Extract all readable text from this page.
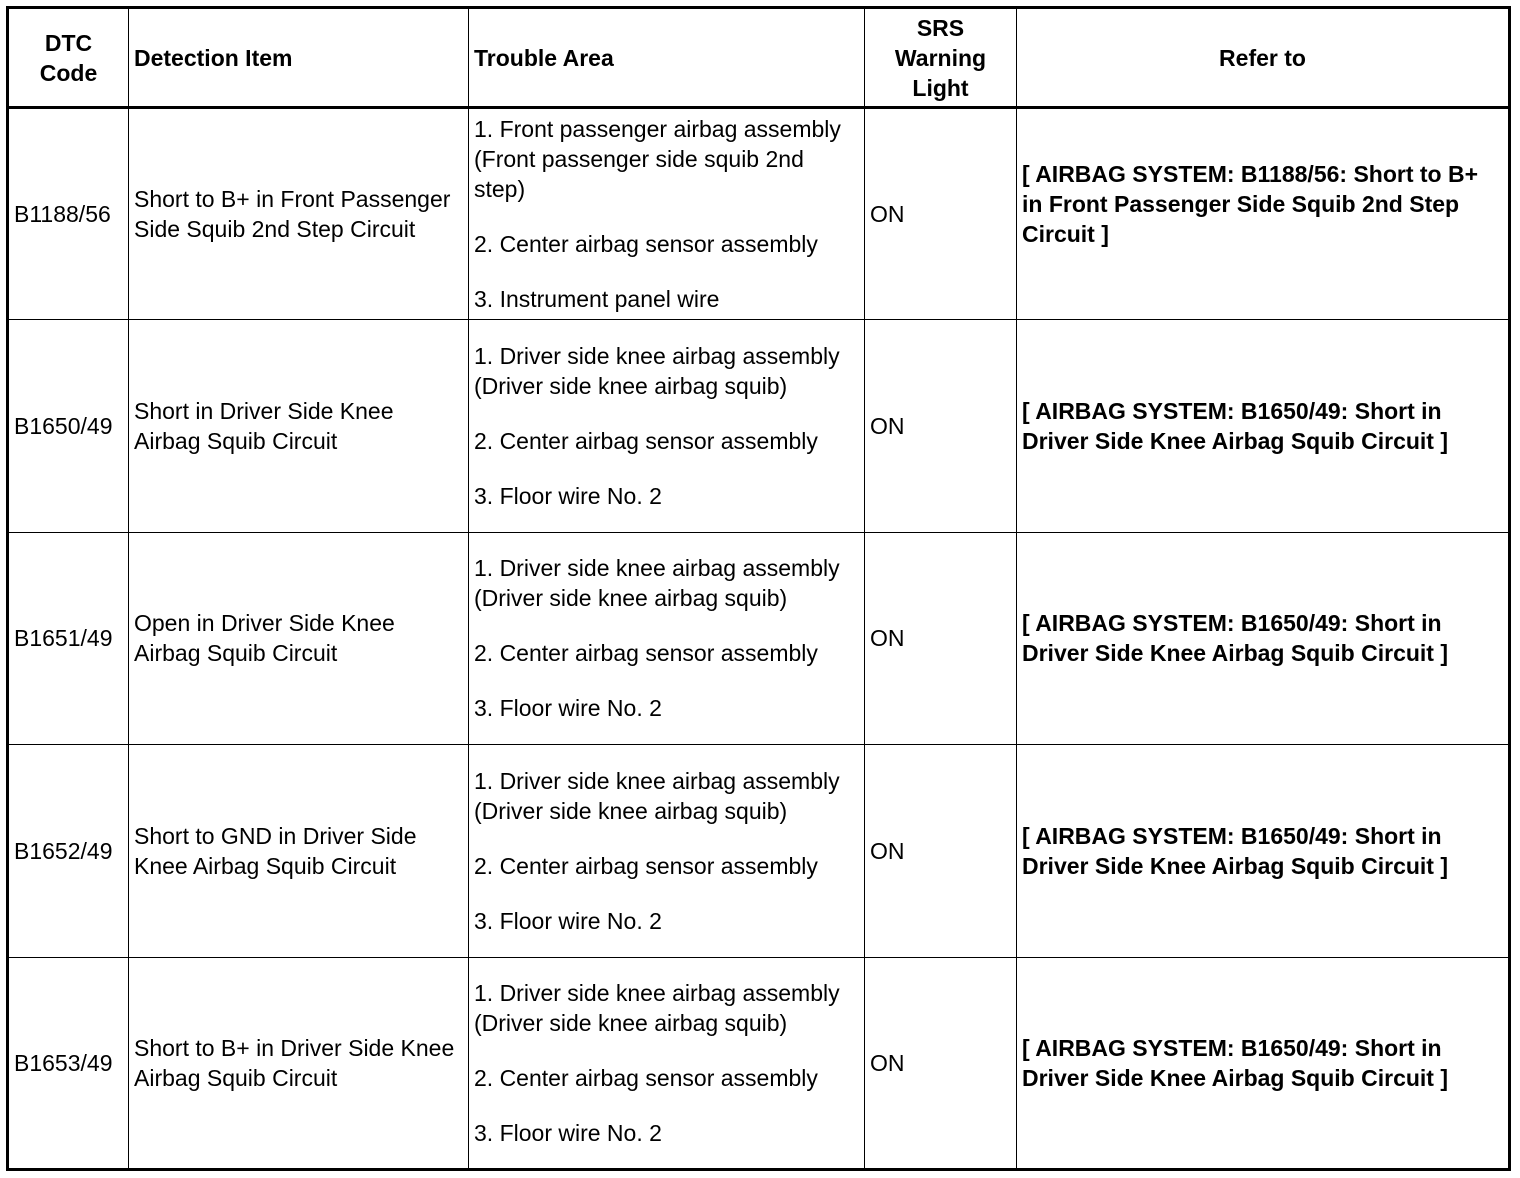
DTC Code	Detection Item	Trouble Area	SRS Warning Light	Refer to
B1188/56	Short to B+ in Front Passenger Side Squib 2nd Step Circuit	1. Front passenger airbag assembly (Front passenger side squib 2nd step)
2. Center airbag sensor assembly
3. Instrument panel wire	ON	[ AIRBAG SYSTEM: B1188/56: Short to B+ in Front Passenger Side Squib 2nd Step Circuit ]

B1650/49	Short in Driver Side Knee Airbag Squib Circuit	1. Driver side knee airbag assembly (Driver side knee airbag squib)
2. Center airbag sensor assembly
3. Floor wire No. 2	ON	[ AIRBAG SYSTEM: B1650/49: Short in Driver Side Knee Airbag Squib Circuit ]

B1651/49	Open in Driver Side Knee Airbag Squib Circuit	1. Driver side knee airbag assembly (Driver side knee airbag squib)
2. Center airbag sensor assembly
3. Floor wire No. 2	ON	[ AIRBAG SYSTEM: B1650/49: Short in Driver Side Knee Airbag Squib Circuit ]

B1652/49	Short to GND in Driver Side Knee Airbag Squib Circuit	1. Driver side knee airbag assembly (Driver side knee airbag squib)
2. Center airbag sensor assembly
3. Floor wire No. 2	ON	[ AIRBAG SYSTEM: B1650/49: Short in Driver Side Knee Airbag Squib Circuit ]

B1653/49	Short to B+ in Driver Side Knee Airbag Squib Circuit	1. Driver side knee airbag assembly (Driver side knee airbag squib)
2. Center airbag sensor assembly
3. Floor wire No. 2	ON	[ AIRBAG SYSTEM: B1650/49: Short in Driver Side Knee Airbag Squib Circuit ]
